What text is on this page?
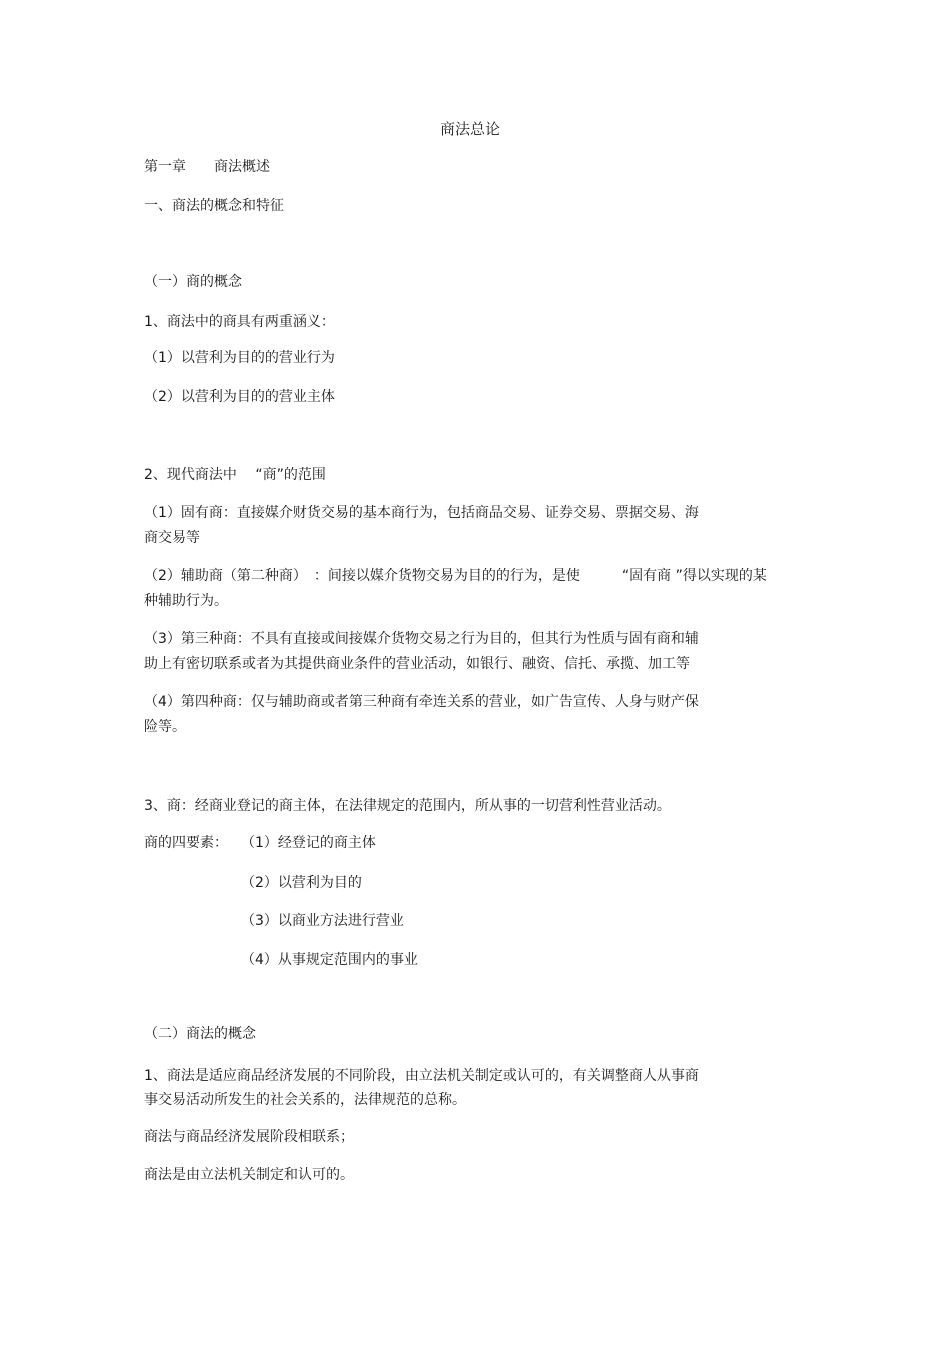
商法总论
第一章　　商法概述
一、商法的概念和特征
（一）商的概念
1、商法中的商具有两重涵义：
（1）以营利为目的的营业行为
（2）以营利为目的的营业主体
2、现代商法中　 “商”的范围
（1）固有商：直接媒介财货交易的基本商行为，包括商品交易、证券交易、票据交易、海
商交易等
（2）辅助商（第二种商）　：间接以媒介货物交易为目的的行为，是使　　　“固有商 ”得以实现的某
种辅助行为。
（3）第三种商：不具有直接或间接媒介货物交易之行为目的，但其行为性质与固有商和辅
助上有密切联系或者为其提供商业条件的营业活动，如银行、融资、信托、承揽、加工等
（4）第四种商：仅与辅助商或者第三种商有牵连关系的营业，如广告宣传、人身与财产保
险等。
3、商：经商业登记的商主体，在法律规定的范围内，所从事的一切营利性营业活动。
商的四要素： （1）经登记的商主体
（2）以营利为目的
（3）以商业方法进行营业
（4）从事规定范围内的事业
（二）商法的概念
1、商法是适应商品经济发展的不同阶段，由立法机关制定或认可的，有关调整商人从事商
事交易活动所发生的社会关系的，法律规范的总称。
商法与商品经济发展阶段相联系；
商法是由立法机关制定和认可的。
